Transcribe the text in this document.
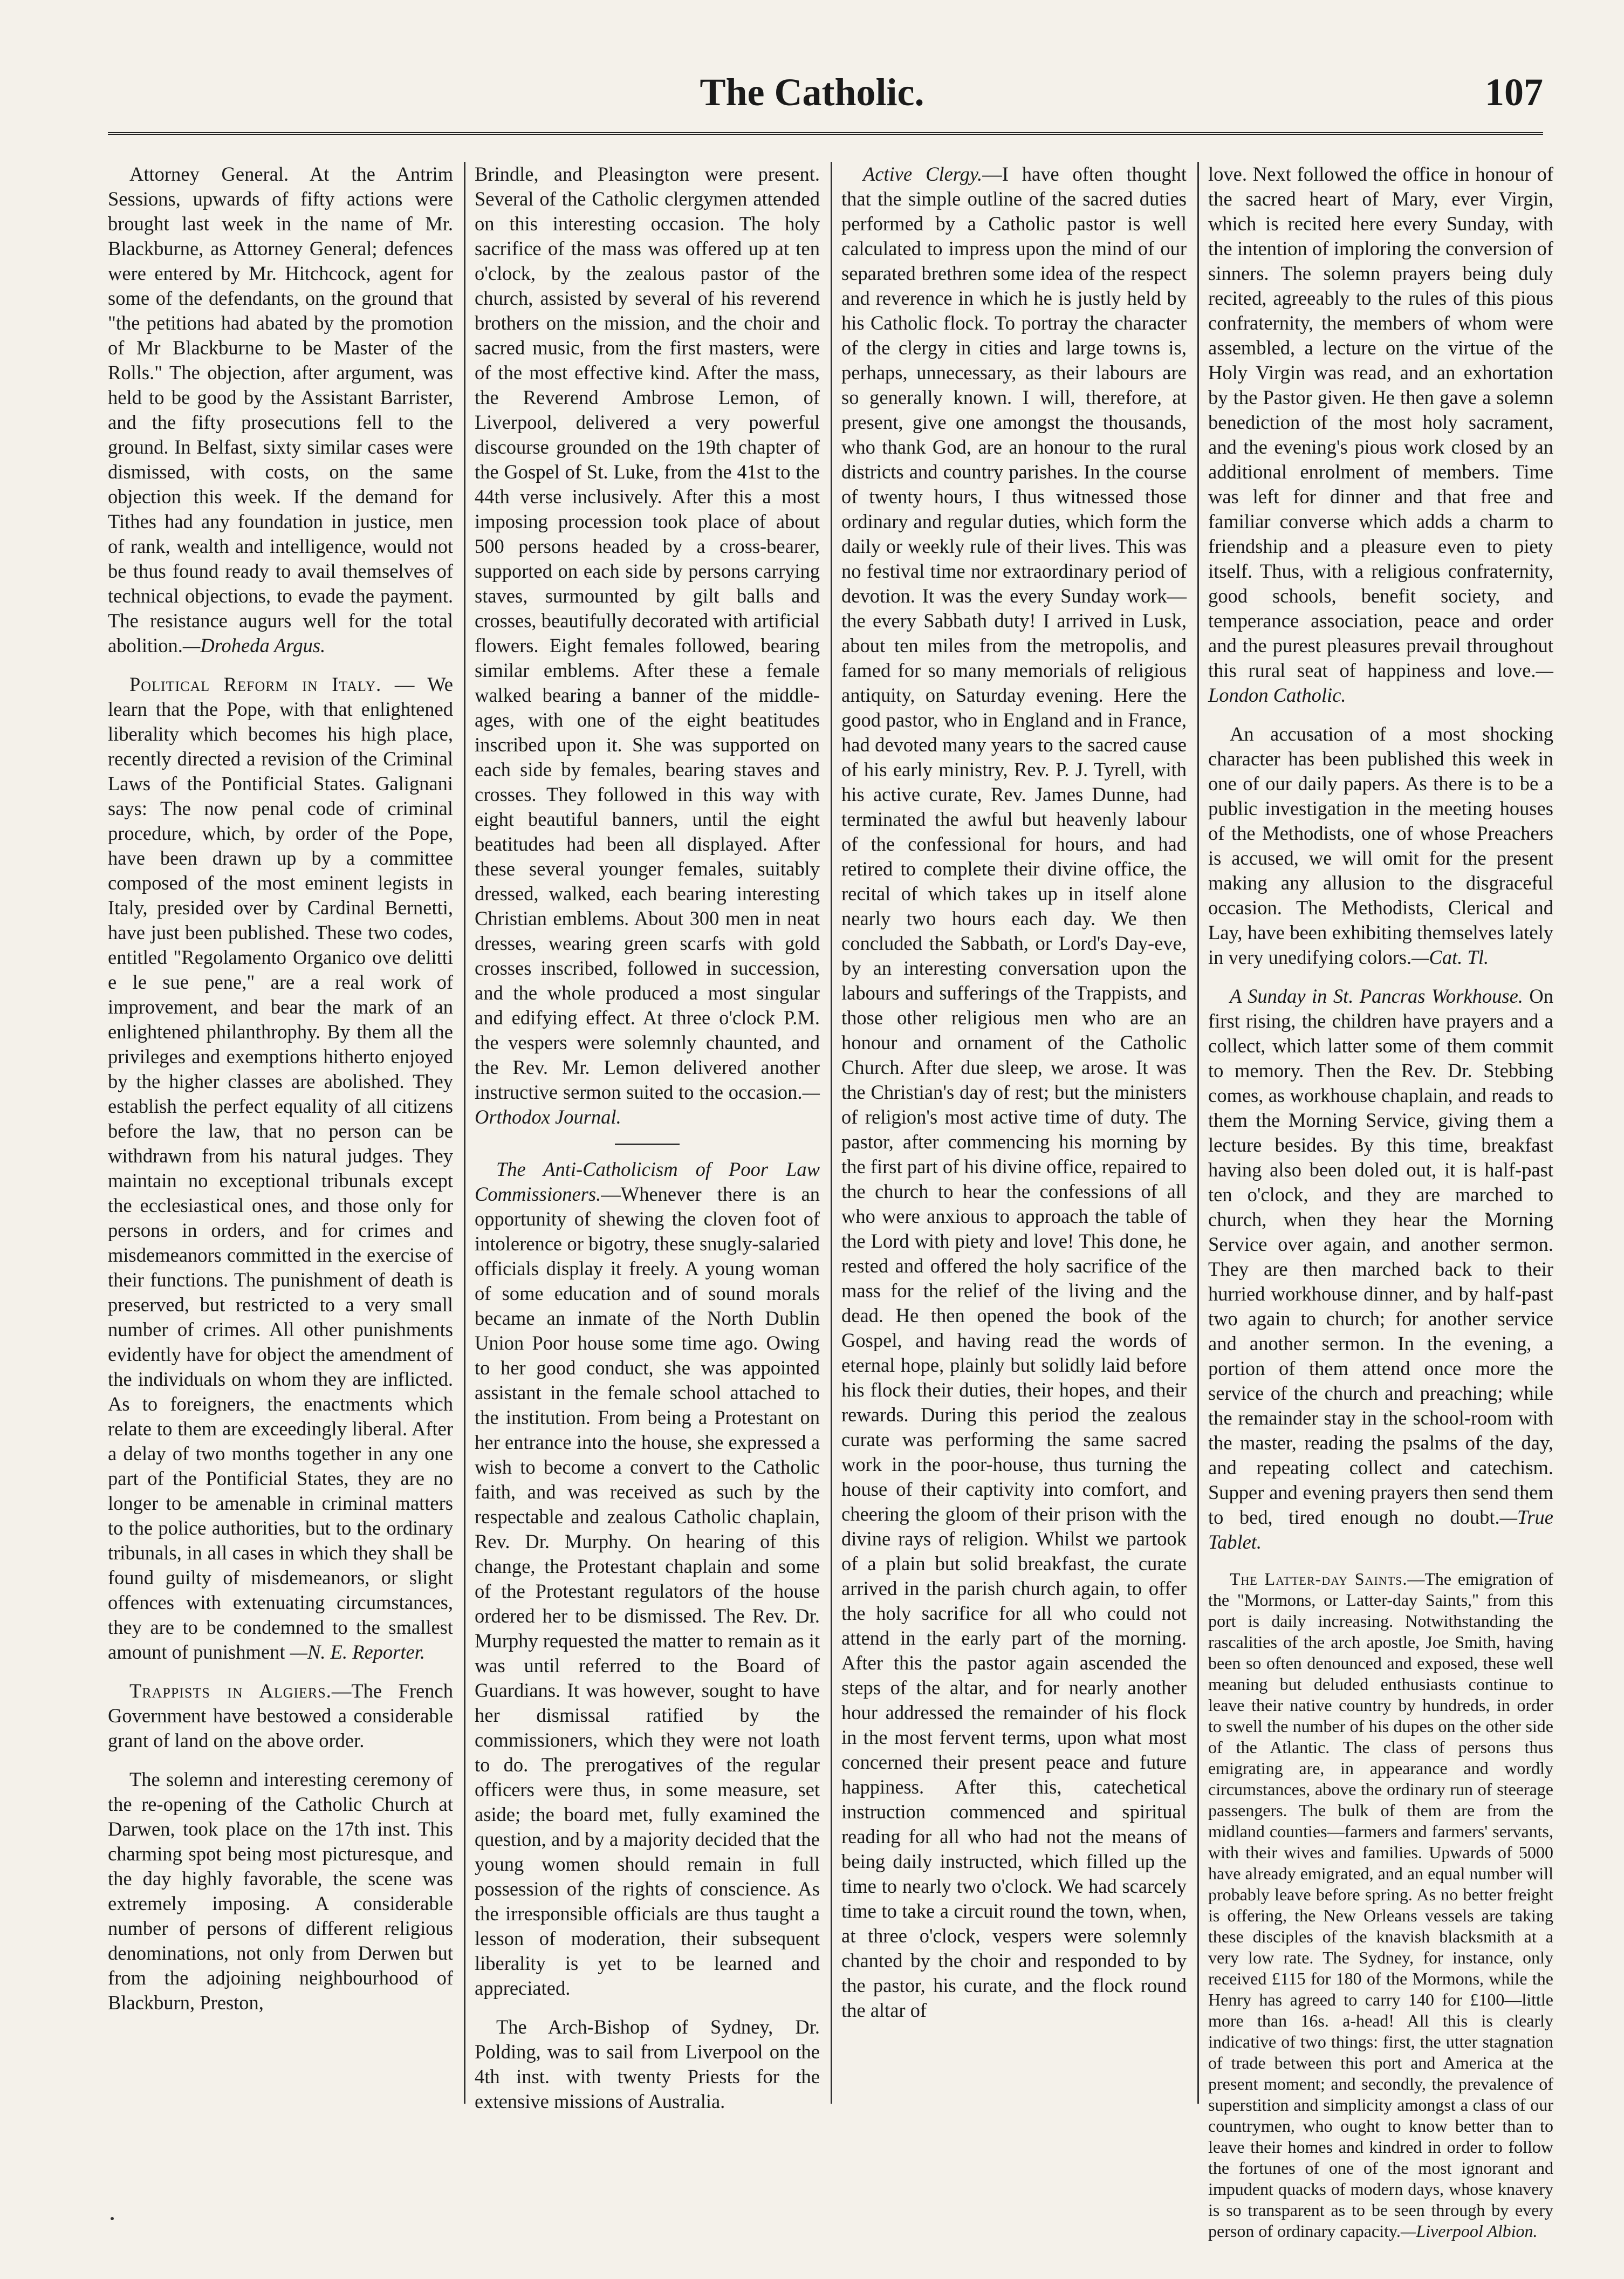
The Catholic.	107

Attorney General. At the Antrim Sessions, upwards of fifty actions were brought last week in the name of Mr. Blackburne, as Attorney General; defences were entered by Mr. Hitchcock, agent for some of the defendants, on the ground that "the petitions had abated by the promotion of Mr Blackburne to be Master of the Rolls." The objection, after argument, was held to be good by the Assistant Barrister, and the fifty prosecutions fell to the ground. In Belfast, sixty similar cases were dismissed, with costs, on the same objection this week. If the demand for Tithes had any foundation in justice, men of rank, wealth and intelligence, would not be thus found ready to avail themselves of technical objections, to evade the payment. The resistance augurs well for the total abolition.—Droheda Argus.

Political Reform in Italy. — We learn that the Pope, with that enlightened liberality which becomes his high place, recently directed a revision of the Criminal Laws of the Pontificial States. Galignani says: The now penal code of criminal procedure, which, by order of the Pope, have been drawn up by a committee composed of the most eminent legists in Italy, presided over by Cardinal Bernetti, have just been published. These two codes, entitled "Regolamento Organico ove delitti e le sue pene," are a real work of improvement, and bear the mark of an enlightened philanthrophy. By them all the privileges and exemptions hitherto enjoyed by the higher classes are abolished. They establish the perfect equality of all citizens before the law, that no person can be withdrawn from his natural judges. They maintain no exceptional tribunals except the ecclesiastical ones, and those only for persons in orders, and for crimes and misdemeanors committed in the exercise of their functions. The punishment of death is preserved, but restricted to a very small number of crimes. All other punishments evidently have for object the amendment of the individuals on whom they are inflicted. As to foreigners, the enactments which relate to them are exceedingly liberal. After a delay of two months together in any one part of the Pontificial States, they are no longer to be amenable in criminal matters to the police authorities, but to the ordinary tribunals, in all cases in which they shall be found guilty of misdemeanors, or slight offences with extenuating circumstances, they are to be condemned to the smallest amount of punishment —N. E. Reporter.

Trappists in Algiers.—The French Government have bestowed a considerable grant of land on the above order.

The solemn and interesting ceremony of the re-opening of the Catholic Church at Darwen, took place on the 17th inst. This charming spot being most picturesque, and the day highly favorable, the scene was extremely imposing. A considerable number of persons of different religious denominations, not only from Derwen but from the adjoining neighbourhood of Blackburn, Preston,

Brindle, and Pleasington were present. Several of the Catholic clergymen attended on this interesting occasion. The holy sacrifice of the mass was offered up at ten o'clock, by the zealous pastor of the church, assisted by several of his reverend brothers on the mission, and the choir and sacred music, from the first masters, were of the most effective kind. After the mass, the Reverend Ambrose Lemon, of Liverpool, delivered a very powerful discourse grounded on the 19th chapter of the Gospel of St. Luke, from the 41st to the 44th verse inclusively. After this a most imposing procession took place of about 500 persons headed by a cross-bearer, supported on each side by persons carrying staves, surmounted by gilt balls and crosses, beautifully decorated with artificial flowers. Eight females followed, bearing similar emblems. After these a female walked bearing a banner of the middle-ages, with one of the eight beatitudes inscribed upon it. She was supported on each side by females, bearing staves and crosses. They followed in this way with eight beautiful banners, until the eight beatitudes had been all displayed. After these several younger females, suitably dressed, walked, each bearing interesting Christian emblems. About 300 men in neat dresses, wearing green scarfs with gold crosses inscribed, followed in succession, and the whole produced a most singular and edifying effect. At three o'clock P.M. the vespers were solemnly chaunted, and the Rev. Mr. Lemon delivered another instructive sermon suited to the occasion.—Orthodox Journal.

The Anti-Catholicism of Poor Law Commissioners.—Whenever there is an opportunity of shewing the cloven foot of intolerence or bigotry, these snugly-salaried officials display it freely. A young woman of some education and of sound morals became an inmate of the North Dublin Union Poor house some time ago. Owing to her good conduct, she was appointed assistant in the female school attached to the institution. From being a Protestant on her entrance into the house, she expressed a wish to become a convert to the Catholic faith, and was received as such by the respectable and zealous Catholic chaplain, Rev. Dr. Murphy. On hearing of this change, the Protestant chaplain and some of the Protestant regulators of the house ordered her to be dismissed. The Rev. Dr. Murphy requested the matter to remain as it was until referred to the Board of Guardians. It was however, sought to have her dismissal ratified by the commissioners, which they were not loath to do. The prerogatives of the regular officers were thus, in some measure, set aside; the board met, fully examined the question, and by a majority decided that the young women should remain in full possession of the rights of conscience. As the irresponsible officials are thus taught a lesson of moderation, their subsequent liberality is yet to be learned and appreciated.

The Arch-Bishop of Sydney, Dr. Polding, was to sail from Liverpool on the 4th inst. with twenty Priests for the extensive missions of Australia.

Active Clergy.—I have often thought that the simple outline of the sacred duties performed by a Catholic pastor is well calculated to impress upon the mind of our separated brethren some idea of the respect and reverence in which he is justly held by his Catholic flock. To portray the character of the clergy in cities and large towns is, perhaps, unnecessary, as their labours are so generally known. I will, therefore, at present, give one amongst the thousands, who thank God, are an honour to the rural districts and country parishes. In the course of twenty hours, I thus witnessed those ordinary and regular duties, which form the daily or weekly rule of their lives. This was no festival time nor extraordinary period of devotion. It was the every Sunday work—the every Sabbath duty! I arrived in Lusk, about ten miles from the metropolis, and famed for so many memorials of religious antiquity, on Saturday evening. Here the good pastor, who in England and in France, had devoted many years to the sacred cause of his early ministry, Rev. P. J. Tyrell, with his active curate, Rev. James Dunne, had terminated the awful but heavenly labour of the confessional for hours, and had retired to complete their divine office, the recital of which takes up in itself alone nearly two hours each day. We then concluded the Sabbath, or Lord's Day-eve, by an interesting conversation upon the labours and sufferings of the Trappists, and those other religious men who are an honour and ornament of the Catholic Church. After due sleep, we arose. It was the Christian's day of rest; but the ministers of religion's most active time of duty. The pastor, after commencing his morning by the first part of his divine office, repaired to the church to hear the confessions of all who were anxious to approach the table of the Lord with piety and love! This done, he rested and offered the holy sacrifice of the mass for the relief of the living and the dead. He then opened the book of the Gospel, and having read the words of eternal hope, plainly but solidly laid before his flock their duties, their hopes, and their rewards. During this period the zealous curate was performing the same sacred work in the poor-house, thus turning the house of their captivity into comfort, and cheering the gloom of their prison with the divine rays of religion. Whilst we partook of a plain but solid breakfast, the curate arrived in the parish church again, to offer the holy sacrifice for all who could not attend in the early part of the morning. After this the pastor again ascended the steps of the altar, and for nearly another hour addressed the remainder of his flock in the most fervent terms, upon what most concerned their present peace and future happiness. After this, catechetical instruction commenced and spiritual reading for all who had not the means of being daily instructed, which filled up the time to nearly two o'clock. We had scarcely time to take a circuit round the town, when, at three o'clock, vespers were solemnly chanted by the choir and responded to by the pastor, his curate, and the flock round the altar of

love. Next followed the office in honour of the sacred heart of Mary, ever Virgin, which is recited here every Sunday, with the intention of imploring the conversion of sinners. The solemn prayers being duly recited, agreeably to the rules of this pious confraternity, the members of whom were assembled, a lecture on the virtue of the Holy Virgin was read, and an exhortation by the Pastor given. He then gave a solemn benediction of the most holy sacrament, and the evening's pious work closed by an additional enrolment of members. Time was left for dinner and that free and familiar converse which adds a charm to friendship and a pleasure even to piety itself. Thus, with a religious confraternity, good schools, benefit society, and temperance association, peace and order and the purest pleasures prevail throughout this rural seat of happiness and love.—London Catholic.

An accusation of a most shocking character has been published this week in one of our daily papers. As there is to be a public investigation in the meeting houses of the Methodists, one of whose Preachers is accused, we will omit for the present making any allusion to the disgraceful occasion. The Methodists, Clerical and Lay, have been exhibiting themselves lately in very unedifying colors.—Cat. Tl.

A Sunday in St. Pancras Workhouse. On first rising, the children have prayers and a collect, which latter some of them commit to memory. Then the Rev. Dr. Stebbing comes, as workhouse chaplain, and reads to them the Morning Service, giving them a lecture besides. By this time, breakfast having also been doled out, it is half-past ten o'clock, and they are marched to church, when they hear the Morning Service over again, and another sermon. They are then marched back to their hurried workhouse dinner, and by half-past two again to church; for another service and another sermon. In the evening, a portion of them attend once more the service of the church and preaching; while the remainder stay in the school-room with the master, reading the psalms of the day, and repeating collect and catechism. Supper and evening prayers then send them to bed, tired enough no doubt.—True Tablet.

The Latter-day Saints.—The emigration of the "Mormons, or Latter-day Saints," from this port is daily increasing. Notwithstanding the rascalities of the arch apostle, Joe Smith, having been so often denounced and exposed, these well meaning but deluded enthusiasts continue to leave their native country by hundreds, in order to swell the number of his dupes on the other side of the Atlantic. The class of persons thus emigrating are, in appearance and wordly circumstances, above the ordinary run of steerage passengers. The bulk of them are from the midland counties—farmers and farmers' servants, with their wives and families. Upwards of 5000 have already emigrated, and an equal number will probably leave before spring. As no better freight is offering, the New Orleans vessels are taking these disciples of the knavish blacksmith at a very low rate. The Sydney, for instance, only received £115 for 180 of the Mormons, while the Henry has agreed to carry 140 for £100—little more than 16s. a-head! All this is clearly indicative of two things: first, the utter stagnation of trade between this port and America at the present moment; and secondly, the prevalence of superstition and simplicity amongst a class of our countrymen, who ought to know better than to leave their homes and kindred in order to follow the fortunes of one of the most ignorant and impudent quacks of modern days, whose knavery is so transparent as to be seen through by every person of ordinary capacity.—Liverpool Albion.
